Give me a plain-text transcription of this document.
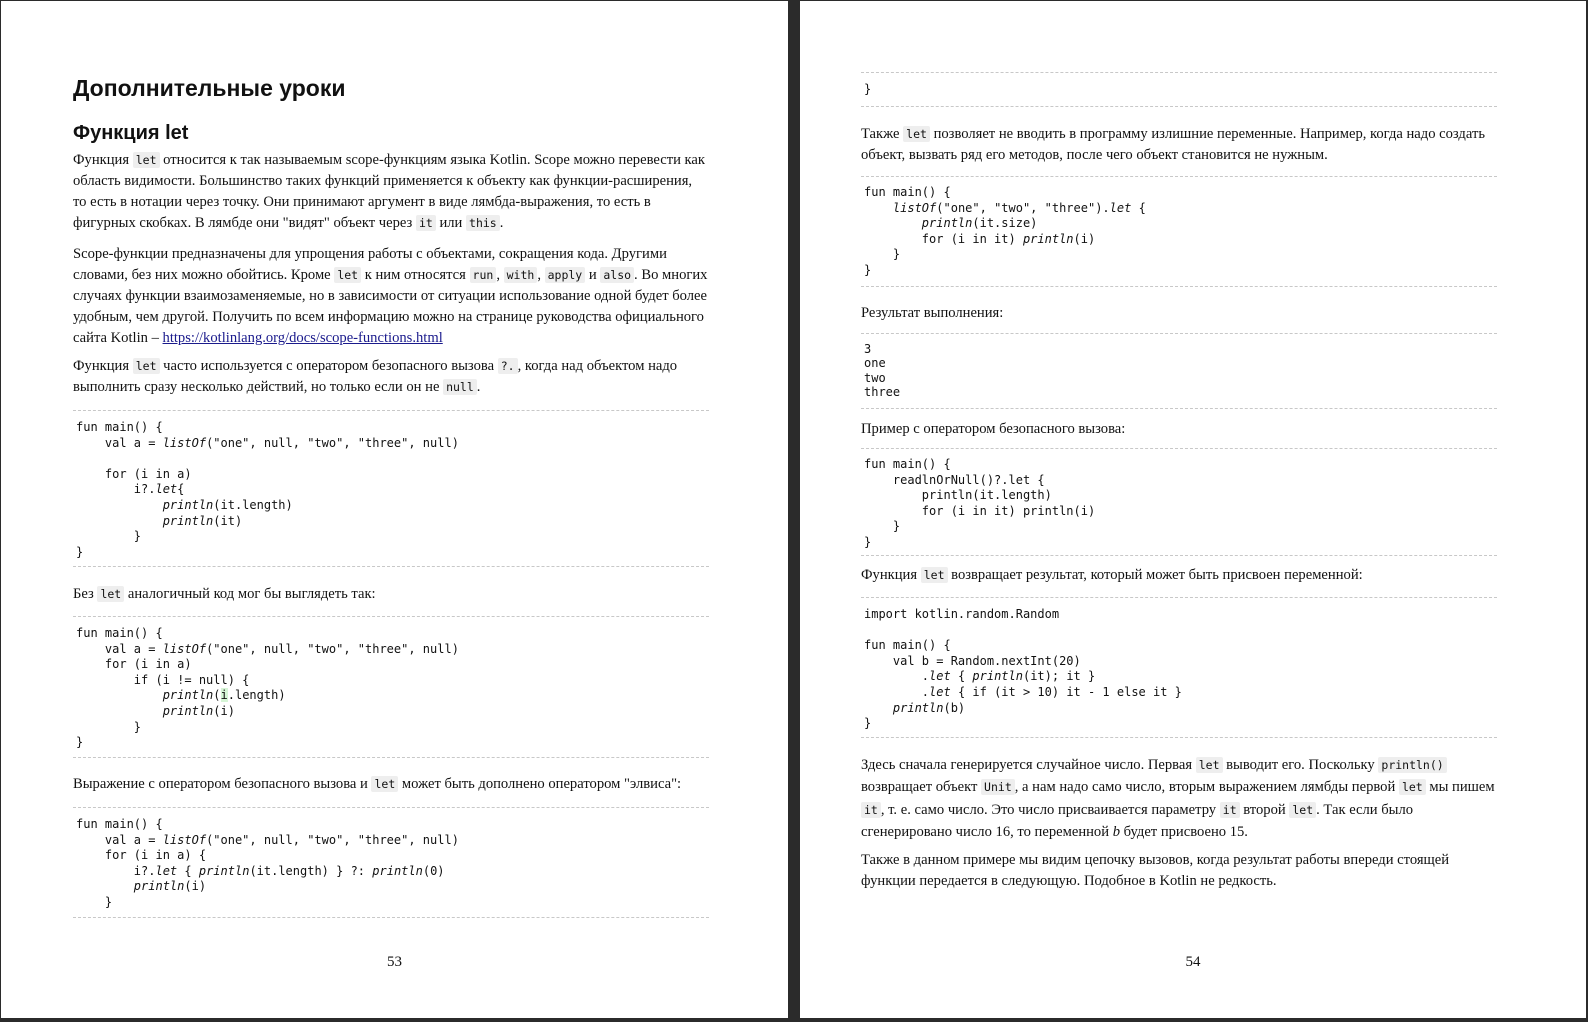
Дополнительные уроки
Функция let

Функция let относится к так называемым scope-функциям языка Kotlin. Scope можно перевести как область видимости. Большинство таких функций применяется к объекту как функции-расширения, то есть в нотации через точку. Они принимают аргумент в виде лямбда-выражения, то есть в фигурных скобках. В лямбде они "видят" объект через it или this .

Scope-функции предназначены для упрощения работы с объектами, сокращения кода. Другими словами, без них можно обойтись. Кроме let к ним относятся run , with , apply и also . Во многих случаях функции взаимозаменяемые, но в зависимости от ситуации использование одной будет более удобным, чем другой. Получить по всем информацию можно на странице руководства официального сайта Kotlin – https://kotlinlang.org/docs/scope-functions.html

Функция let часто используется с оператором безопасного вызова ?. , когда над объектом надо выполнить сразу несколько действий, но только если он не null .

fun main() {
val a = listOf("one", null, "two", "three", null)

for (i in a)
i?.let{
println(it.length)
println(it)
}
}

Без let аналогичный код мог бы выглядеть так:

fun main() {
val a = listOf("one", null, "two", "three", null)
for (i in a)
if (i != null) {
println(i.length)
println(i)
}
}

Выражение с оператором безопасного вызова и let может быть дополнено оператором "элвиса":

fun main() {
val a = listOf("one", null, "two", "three", null)
for (i in a) {
i?.let { println(it.length) } ?: println(0)
println(i)
}
53
}

Также let позволяет не вводить в программу излишние переменные. Например, когда надо создать объект, вызвать ряд его методов, после чего объект становится не нужным.

fun main() {
listOf("one", "two", "three").let {
println(it.size)
for (i in it) println(i)
}
}

Результат выполнения:

3
one
two
three

Пример с оператором безопасного вызова:

fun main() {
readlnOrNull()?.let {
println(it.length)
for (i in it) println(i)
}
}

Функция let возвращает результат, который может быть присвоен переменной:

import kotlin.random.Random

fun main() {
val b = Random.nextInt(20)
.let { println(it); it }
.let { if (it > 10) it - 1 else it }
println(b)
}

Здесь сначала генерируется случайное число. Первая let выводит его. Поскольку println() возвращает объект Unit , а нам надо само число, вторым выражением лямбды первой let мы пишем it , т. е. само число. Это число присваивается параметру it второй let . Так если было сгенерировано число 16, то переменной b будет присвоено 15.

Также в данном примере мы видим цепочку вызовов, когда результат работы впереди стоящей функции передается в следующую. Подобное в Kotlin не редкость.

54
